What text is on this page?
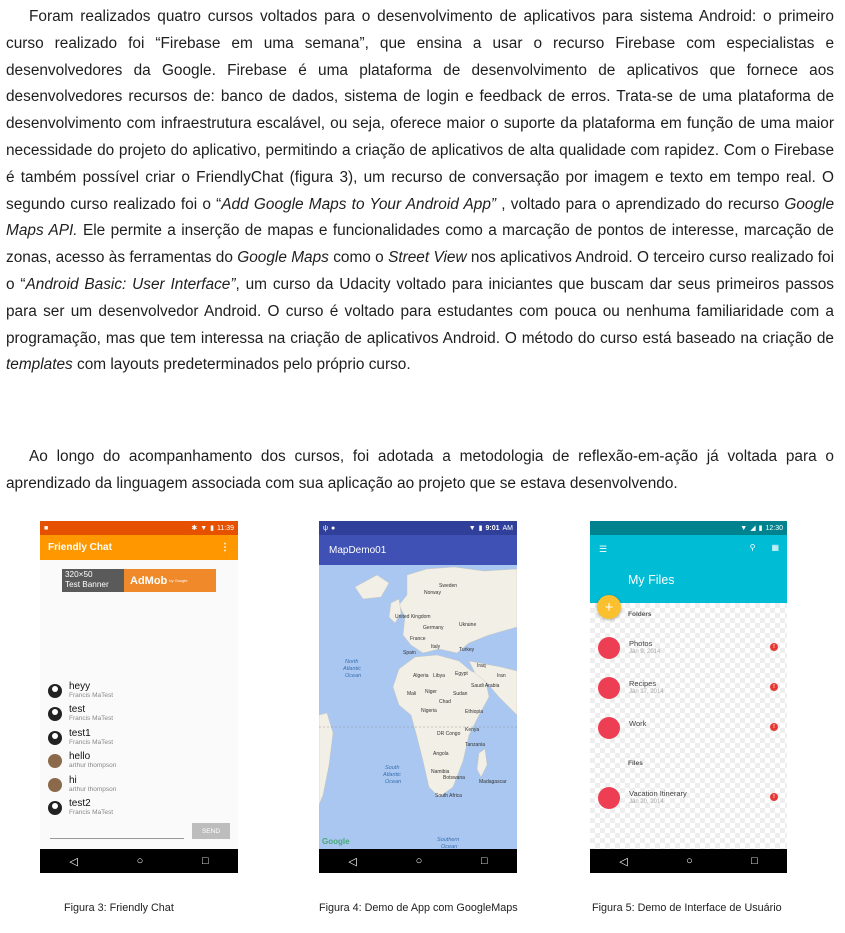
Foram realizados quatro cursos voltados para o desenvolvimento de aplicativos para sistema Android: o primeiro curso realizado foi “Firebase em uma semana”, que ensina a usar o recurso Firebase com especialistas e desenvolvedores da Google. Firebase é uma plataforma de desenvolvimento de aplicativos que fornece aos desenvolvedores recursos de: banco de dados, sistema de login e feedback de erros. Trata-se de uma plataforma de desenvolvimento com infraestrutura escalável, ou seja, oferece maior o suporte da plataforma em função de uma maior necessidade do projeto do aplicativo, permitindo a criação de aplicativos de alta qualidade com rapidez. Com o Firebase é também possível criar o FriendlyChat (figura 3), um recurso de conversação por imagem e texto em tempo real. O segundo curso realizado foi o “Add Google Maps to Your Android App” , voltado para o aprendizado do recurso Google Maps API. Ele permite a inserção de mapas e funcionalidades como a marcação de pontos de interesse, marcação de zonas, acesso às ferramentas do Google Maps como o Street View nos aplicativos Android. O terceiro curso realizado foi o “Android Basic: User Interface”, um curso da Udacity voltado para iniciantes que buscam dar seus primeiros passos para ser um desenvolvedor Android. O curso é voltado para estudantes com pouca ou nenhuma familiaridade com a programação, mas que tem interessa na criação de aplicativos Android. O método do curso está baseado na criação de templates com layouts predeterminados pelo próprio curso.

Ao longo do acompanhamento dos cursos, foi adotada a metodologia de reflexão-em-ação já voltada para o aprendizado da linguagem associada com sua aplicação ao projeto que se estava desenvolvendo.

■	✱ ▼ ▮ 11:39
Friendly Chat	⋮
320×50
Test Banner	AdMob by Google
heyy
Francis MaTest
test
Francis MaTest
test1
Francis MaTest
hello
arthur thompson
hi
arthur thompson
test2
Francis MaTest
SEND
◁	○	□
ψ ●	▼ ▮ 9:01 AM
MapDemo01
Norway
Sweden
United Kingdom
Germany	Ukraine
France
Spain
Italy	Turkey
Algeria Libya Egypt
Saudi Arabia
Iraq
Iran
Mali Niger
Chad
Sudan
Nigeria	Ethiopia
Kenya
DR Congo
Tanzania
Angola
Namibia
Botswana
Madagascar
South Africa
North
Atlantic
Ocean
South
Atlantic
Ocean
Southern
Ocean
Google
◁	○	□
▼ ◢ ▮ 12:30
☰	⚲ ▦
My Files
Folders
Photos
Jan 9, 2014
!
Recipes
Jan 17, 2014
!
Work	!
Files
Vacation Itinerary
Jan 20, 2014
!
+
◁	○	□
Figura 3: Friendly Chat	Figura 4: Demo de App com GoogleMaps	Figura 5: Demo de Interface de Usuário
